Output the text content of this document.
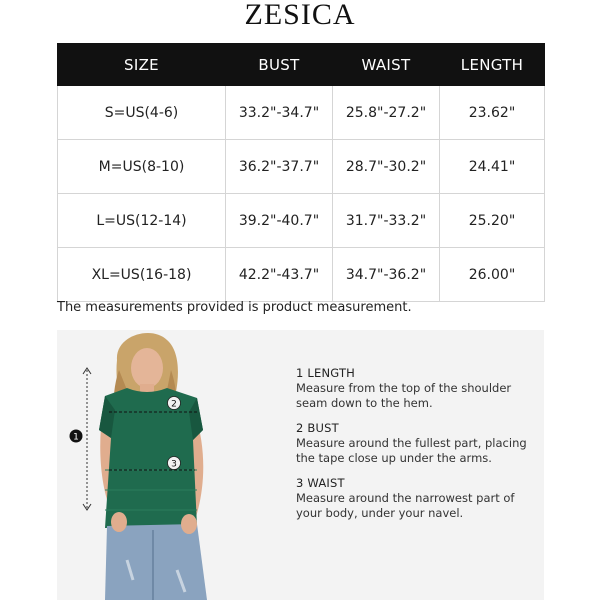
ZESICA
SIZE	BUST	WAIST	LENGTH
S=US(4-6)	33.2"-34.7"	25.8"-27.2"	23.62"
M=US(8-10)	36.2"-37.7"	28.7"-30.2"	24.41"
L=US(12-14)	39.2"-40.7"	31.7"-33.2"	25.20"
XL=US(16-18)	42.2"-43.7"	34.7"-36.2"	26.00"
The measurements provided is product measurement.
1
2
3
1 LENGTH
Measure from the top of the shoulder
seam down to the hem.
2 BUST
Measure around the fullest part, placing
the tape close up under the arms.
3 WAIST
Measure around the narrowest part of
your body, under your navel.
